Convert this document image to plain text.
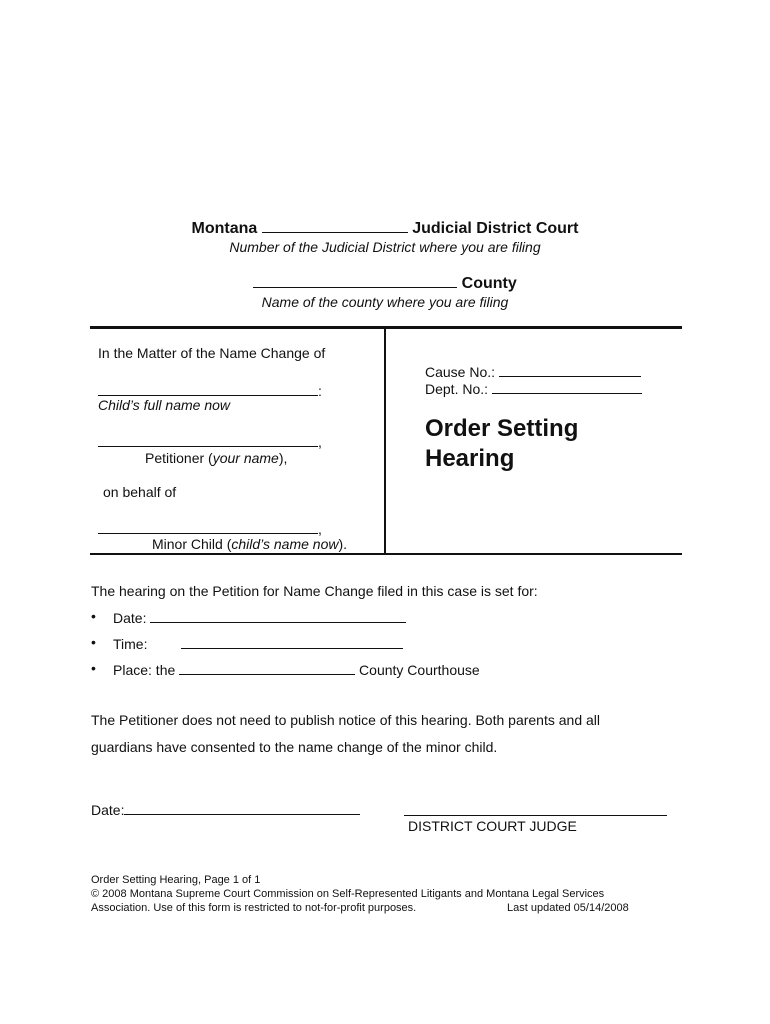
Montana	Judicial District Court
Number of the Judicial District where you are filing
County
Name of the county where you are filing
In the Matter of the Name Change of
:
Child’s full name now
,
Petitioner (your name),
on behalf of
,
Minor Child (child’s name now).
Cause No.:
Dept. No.:
Order Setting
Hearing
The hearing on the Petition for Name Change filed in this case is set for:
• Date:
• Time:
• Place: the	County Courthouse
The Petitioner does not need to publish notice of this hearing. Both parents and all
guardians have consented to the name change of the minor child.
Date:
DISTRICT COURT JUDGE
Order Setting Hearing, Page 1 of 1
© 2008 Montana Supreme Court Commission on Self-Represented Litigants and Montana Legal Services
Association. Use of this form is restricted to not-for-profit purposes.	Last updated 05/14/2008
